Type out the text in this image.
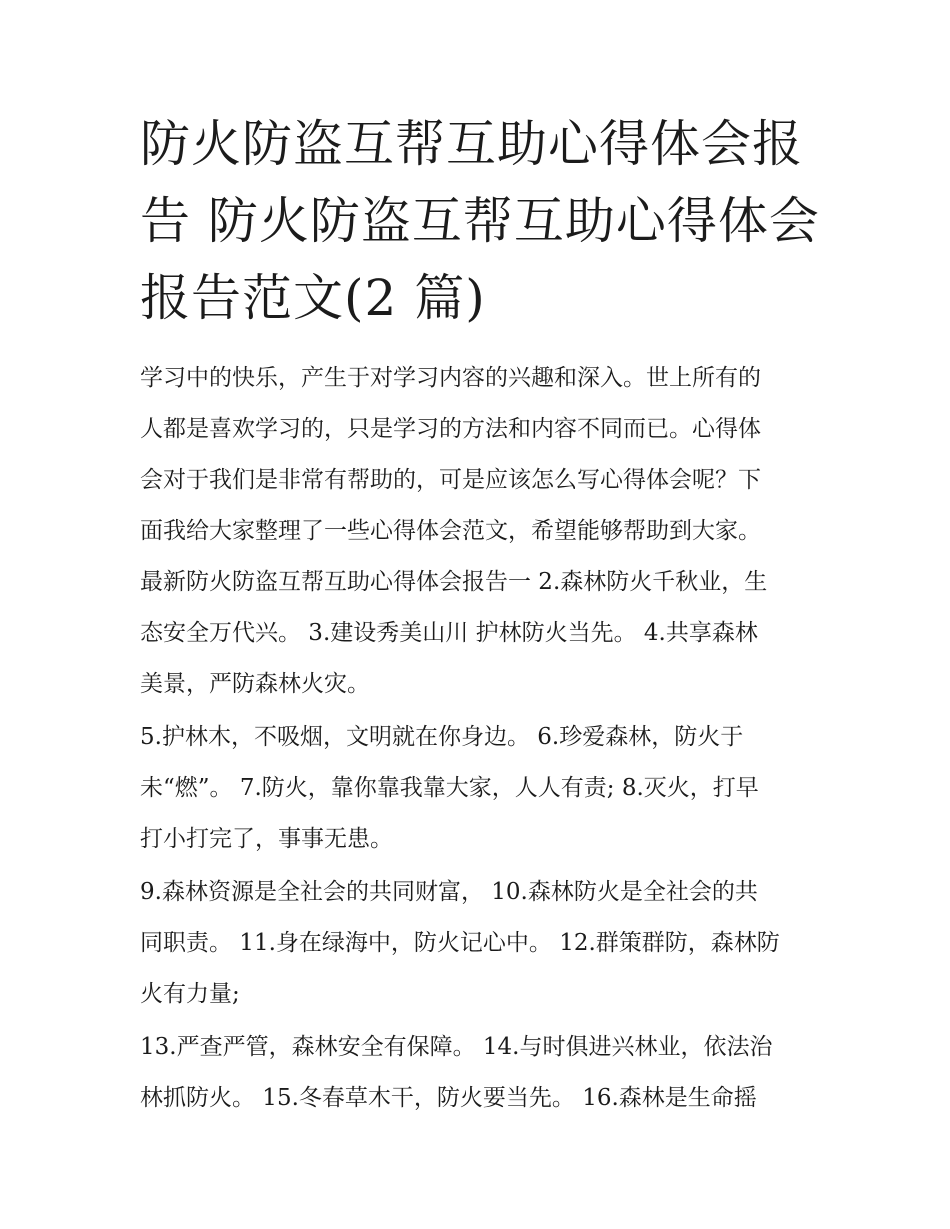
防火防盗互帮互助心得体会报
告 防火防盗互帮互助心得体会
报告范文(2 篇)

学习中的快乐，产生于对学习内容的兴趣和深入。世上所有的
人都是喜欢学习的，只是学习的方法和内容不同而已。心得体
会对于我们是非常有帮助的，可是应该怎么写心得体会呢？下
面我给大家整理了一些心得体会范文，希望能够帮助到大家。
最新防火防盗互帮互助心得体会报告一 2.森林防火千秋业，生
态安全万代兴。 3.建设秀美山川 护林防火当先。 4.共享森林
美景，严防森林火灾。

5.护林木，不吸烟，文明就在你身边。 6.珍爱森林，防火于
未“燃”。 7.防火，靠你靠我靠大家，人人有责; 8.灭火，打早
打小打完了，事事无患。

9.森林资源是全社会的共同财富， 10.森林防火是全社会的共
同职责。 11.身在绿海中，防火记心中。 12.群策群防，森林防
火有力量;

13.严查严管，森林安全有保障。 14.与时俱进兴林业，依法治
林抓防火。 15.冬春草木干，防火要当先。 16.森林是生命摇
